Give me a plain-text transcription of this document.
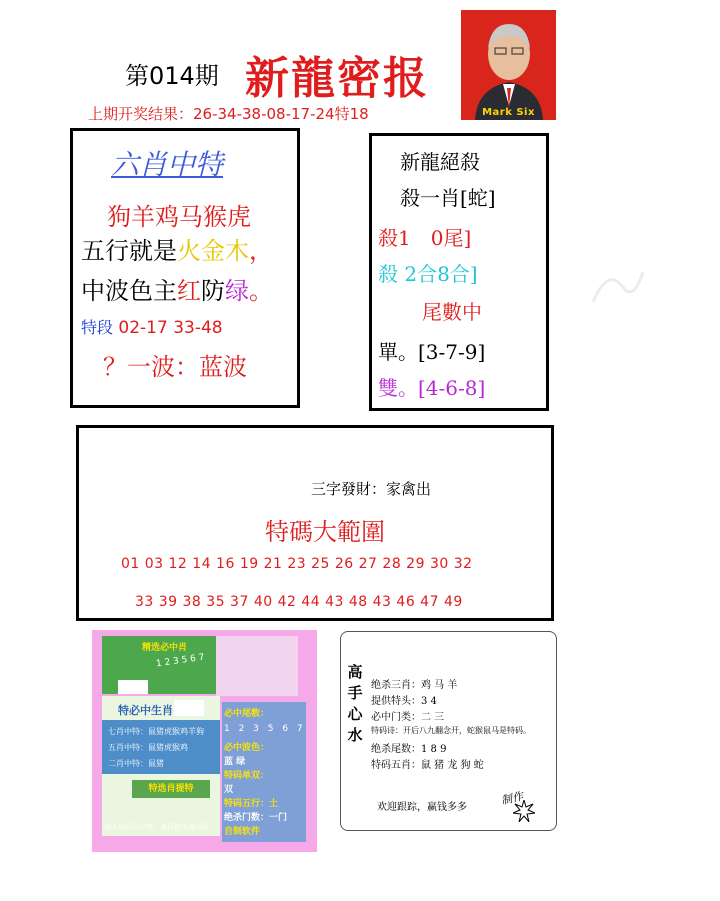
第014期 新龍密报
上期开奖结果：26-34-38-08-17-24特18	Mark Six
六肖中特
狗羊鸡马猴虎
五行就是火金木，
中波色主红防绿。
特段 02-17 33-48
？一波：蓝波
新龍絕殺
殺一肖[蛇]
殺1　0尾]
殺 2合8合]
尾數中
單。[3-7-9]
雙。[4-6-8]
三字發財：家禽出
特碼大範圍
01 03 12 14 16 19 21 23 25 26 27 28 29 30 32
33 39 38 35 37 40 42 44 43 48 43 46 47 49
精选必中肖
1 2 3 5 6 7
特必中生肖
七肖中特：鼠猪虎猴鸡羊狗
五肖中特：鼠猪虎猴鸡
二肖中特：鼠猪
特选肖提特
烽火城西百尺楼，黄昏独坐海风秋
必中尾数：
1 2 3 5 6 7
必中波色：
蓝 绿
特码单双：
双
特码五行：土
绝杀门数：一门
自制软件
高手心水
绝杀三肖：鸡 马 羊
提供特头：3 4
必中门类：二 三
特码诗：开后八九翻念开，蛇猴鼠马是特码。
绝杀尾数：1 8 9
特码五肖：鼠 猪 龙 狗 蛇
欢迎跟踪，赢钱多多
制作
